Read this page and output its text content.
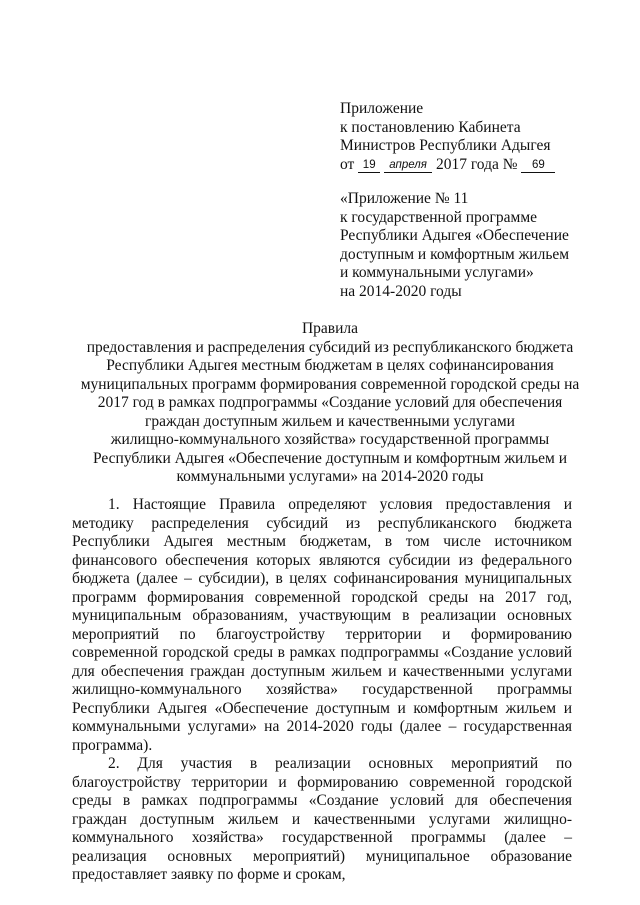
Приложение
к постановлению Кабинета
Министров Республики Адыгея
от 19 апреля 2017 года № 69
«Приложение № 11
к государственной программе
Республики Адыгея «Обеспечение
доступным и комфортным жильем
и коммунальными услугами»
на 2014-2020 годы
Правила
предоставления и распределения субсидий из республиканского бюджета
Республики Адыгея местным бюджетам в целях софинансирования
муниципальных программ формирования современной городской среды на
2017 год в рамках подпрограммы «Создание условий для обеспечения
граждан доступным жильем и качественными услугами
жилищно-коммунального хозяйства» государственной программы
Республики Адыгея «Обеспечение доступным и комфортным жильем и
коммунальными услугами» на 2014-2020 годы

1. Настоящие Правила определяют условия предоставления и методику распределения субсидий из республиканского бюджета Республики Адыгея местным бюджетам, в том числе источником финансового обеспечения которых являются субсидии из федерального бюджета (далее – субсидии), в целях софинансирования муниципальных программ формирования современной городской среды на 2017 год, муниципальным образованиям, участвующим в реализации основных мероприятий по благоустройству территории и формированию современной городской среды в рамках подпрограммы «Создание условий для обеспечения граждан доступным жильем и качественными услугами жилищно-коммунального хозяйства» государственной программы Республики Адыгея «Обеспечение доступным и комфортным жильем и коммунальными услугами» на 2014-2020 годы (далее – государственная программа).

2. Для участия в реализации основных мероприятий по благоустройству территории и формированию современной городской среды в рамках подпрограммы «Создание условий для обеспечения граждан доступным жильем и качественными услугами жилищно-коммунального хозяйства» государственной программы (далее – реализация основных мероприятий) муниципальное образование предоставляет заявку по форме и срокам,
